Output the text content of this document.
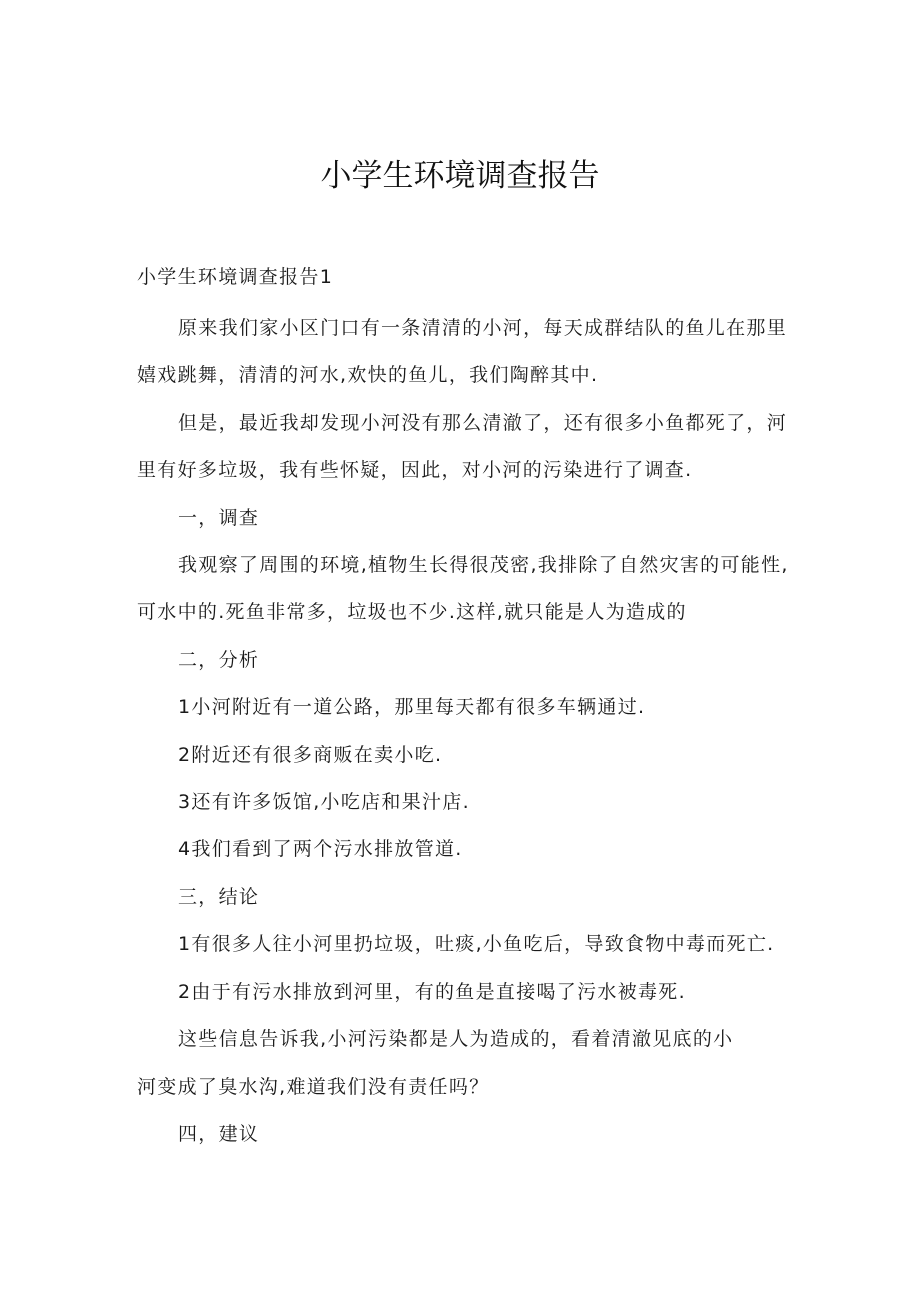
小学生环境调查报告
小学生环境调查报告1
原来我们家小区门口有一条清清的小河，每天成群结队的鱼儿在那里
嬉戏跳舞，清清的河水,欢快的鱼儿，我们陶醉其中.
但是，最近我却发现小河没有那么清澈了，还有很多小鱼都死了，河
里有好多垃圾，我有些怀疑，因此，对小河的污染进行了调查.
一，调查
我观察了周围的环境,植物生长得很茂密,我排除了自然灾害的可能性,
可水中的.死鱼非常多，垃圾也不少.这样,就只能是人为造成的
二，分析
1小河附近有一道公路，那里每天都有很多车辆通过.
2附近还有很多商贩在卖小吃.
3还有许多饭馆,小吃店和果汁店.
4我们看到了两个污水排放管道.
三，结论
1有很多人往小河里扔垃圾，吐痰,小鱼吃后，导致食物中毒而死亡.
2由于有污水排放到河里，有的鱼是直接喝了污水被毒死.
这些信息告诉我,小河污染都是人为造成的，看着清澈见底的小
河变成了臭水沟,难道我们没有责任吗？
四，建议
